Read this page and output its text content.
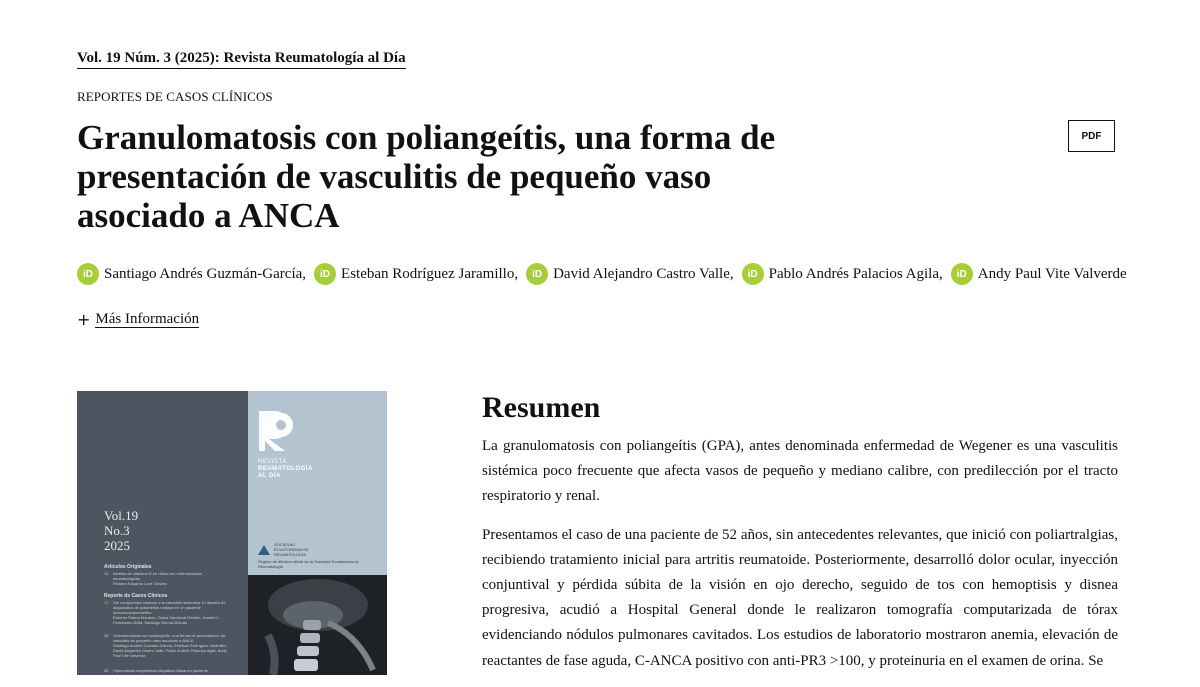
Vol. 19 Núm. 3 (2025): Revista Reumatología al Día
REPORTES DE CASOS CLÍNICOS
Granulomatosis con poliangeítis, una forma de presentación de vasculitis de pequeño vaso asociado a ANCA
PDF
iD Santiago Andrés Guzmán-García,	iD Esteban Rodríguez Jaramillo,	iD David Alejandro Castro Valle,	iD Pablo Andrés Palacios Agila,	iD Andy Paul Vite Valverde
+ Más Información
Vol.19
No.3
2025
Artículos Originales
10 Niveles de vitamina D en niños con enfermedades reumatológicas
Richard Eduardo Loor Chavez
Reporte de Casos Clínicos
17 Del compromiso cutáneo a la vasculitis sistémica: El desafío de diagnóstico de poliarteritis nodosa en un paciente inmunocomprometido
Roberto Palma Montero, Diana Sandoval Orbeño, Daniel O. Fernández-Ávila, Santiago Bernal-Macías
24 Granulomatosis con poliangeítis, una forma de presentación de vasculitis de pequeño vaso asociado a ANCA
Santiago Andrés Guzmán-García, Esteban Rodríguez Jaramillo, David Alejandro Castro Valle, Pablo Andrés Palacios Agila, Andy Paul Vite Valverde
30 Hiperostosis esquelética idiopática difusa en paciente
REVISTA
REUMATOLOGÍA
AL DÍA
SOCIEDAD
ECUATORIANA DE
REUMATOLOGÍA
Órgano de difusión oficial de la Sociedad Ecuatoriana de Reumatología
Resumen

La granulomatosis con poliangeítis (GPA), antes denominada enfermedad de Wegener es una vasculitis sistémica poco frecuente que afecta vasos de pequeño y mediano calibre, con predilección por el tracto respiratorio y renal.

Presentamos el caso de una paciente de 52 años, sin antecedentes relevantes, que inició con poliartralgias, recibiendo tratamiento inicial para artritis reumatoide. Posteriormente, desarrolló dolor ocular, inyección conjuntival y pérdida súbita de la visión en ojo derecho, seguido de tos con hemoptisis y disnea progresiva, acudió a Hospital General donde le realizaron tomografía computarizada de tórax evidenciando nódulos pulmonares cavitados. Los estudios de laboratorio mostraron anemia, elevación de reactantes de fase aguda, C-ANCA positivo con anti-PR3 >100, y proteinuria en el examen de orina. Se
